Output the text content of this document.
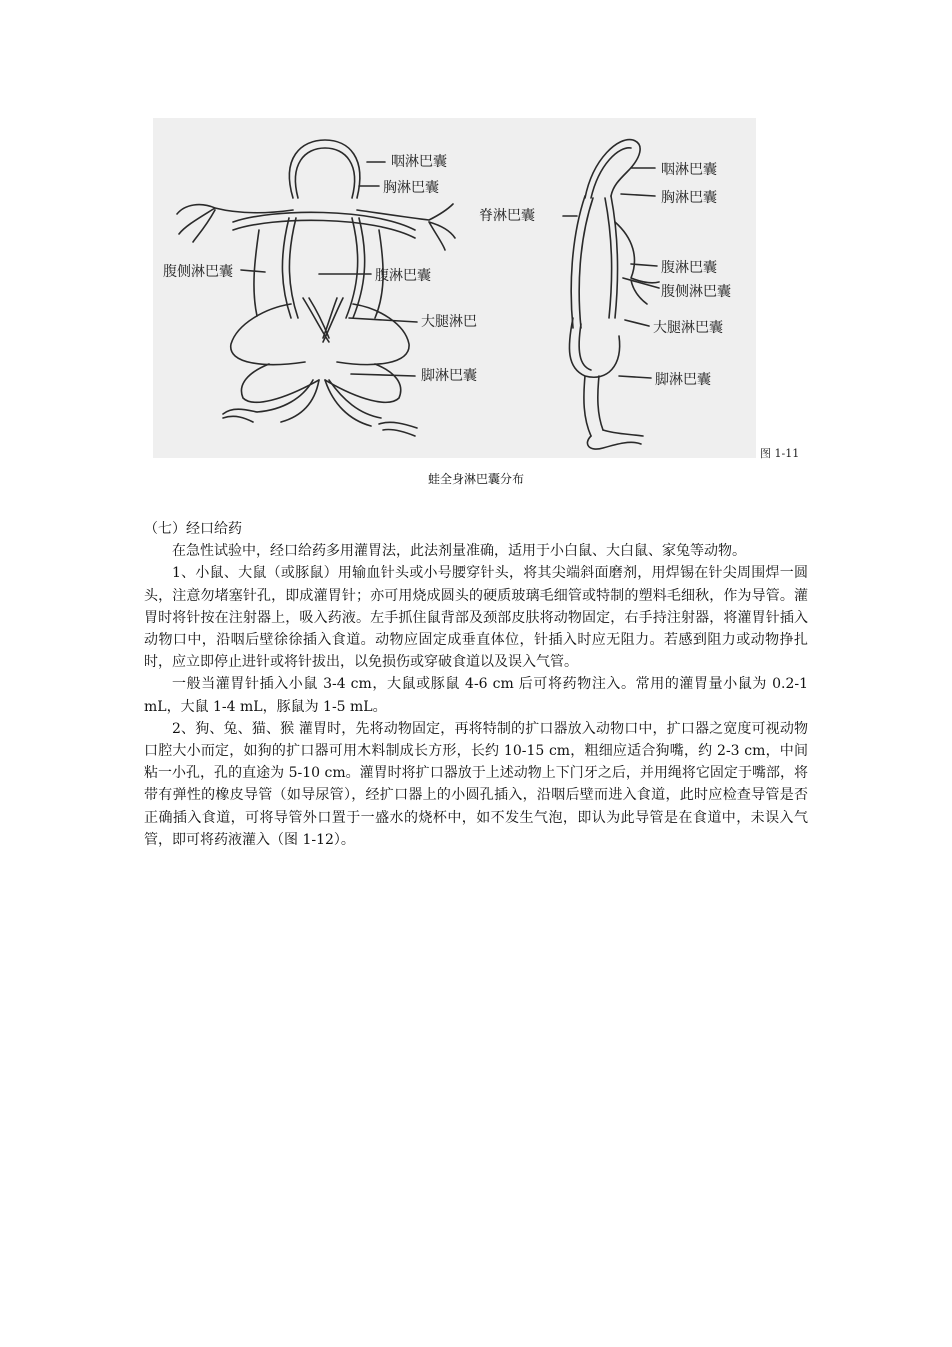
咽淋巴囊
胸淋巴囊
腹侧淋巴囊	腹淋巴囊
大腿淋巴
脚淋巴囊
咽淋巴囊
胸淋巴囊
脊淋巴囊
腹淋巴囊
腹侧淋巴囊
大腿淋巴囊
脚淋巴囊
图 1-11
蛙全身淋巴囊分布

（七）经口给药

在急性试验中，经口给药多用灌胃法，此法剂量准确，适用于小白鼠、大白鼠、家兔等动物。

1、小鼠、大鼠（或豚鼠）用输血针头或小号腰穿针头，将其尖端斜面磨剂，用焊锡在针尖周围焊一圆头，注意勿堵塞针孔，即成灌胃针；亦可用烧成圆头的硬质玻璃毛细管或特制的塑料毛细秋，作为导管。灌胃时将针按在注射器上，吸入药液。左手抓住鼠背部及颈部皮肤将动物固定，右手持注射器，将灌胃针插入动物口中，沿咽后壁徐徐插入食道。动物应固定成垂直体位，针插入时应无阻力。若感到阻力或动物挣扎时，应立即停止进针或将针拔出，以免损伤或穿破食道以及误入气管。

一般当灌胃针插入小鼠 3-4 cm，大鼠或豚鼠 4-6 cm 后可将药物注入。常用的灌胃量小鼠为 0.2-1 mL，大鼠 1-4 mL，豚鼠为 1-5 mL。

2、狗、兔、猫、猴 灌胃时，先将动物固定，再将特制的扩口器放入动物口中，扩口器之宽度可视动物口腔大小而定，如狗的扩口器可用木料制成长方形，长约 10-15 cm，粗细应适合狗嘴，约 2-3 cm，中间粘一小孔，孔的直途为 5-10 cm。灌胃时将扩口器放于上述动物上下门牙之后，并用绳将它固定于嘴部，将带有弹性的橡皮导管（如导尿管），经扩口器上的小圆孔插入，沿咽后壁而进入食道，此时应检查导管是否正确插入食道，可将导管外口置于一盛水的烧杯中，如不发生气泡，即认为此导管是在食道中，未误入气管，即可将药液灌入（图 1-12）。
